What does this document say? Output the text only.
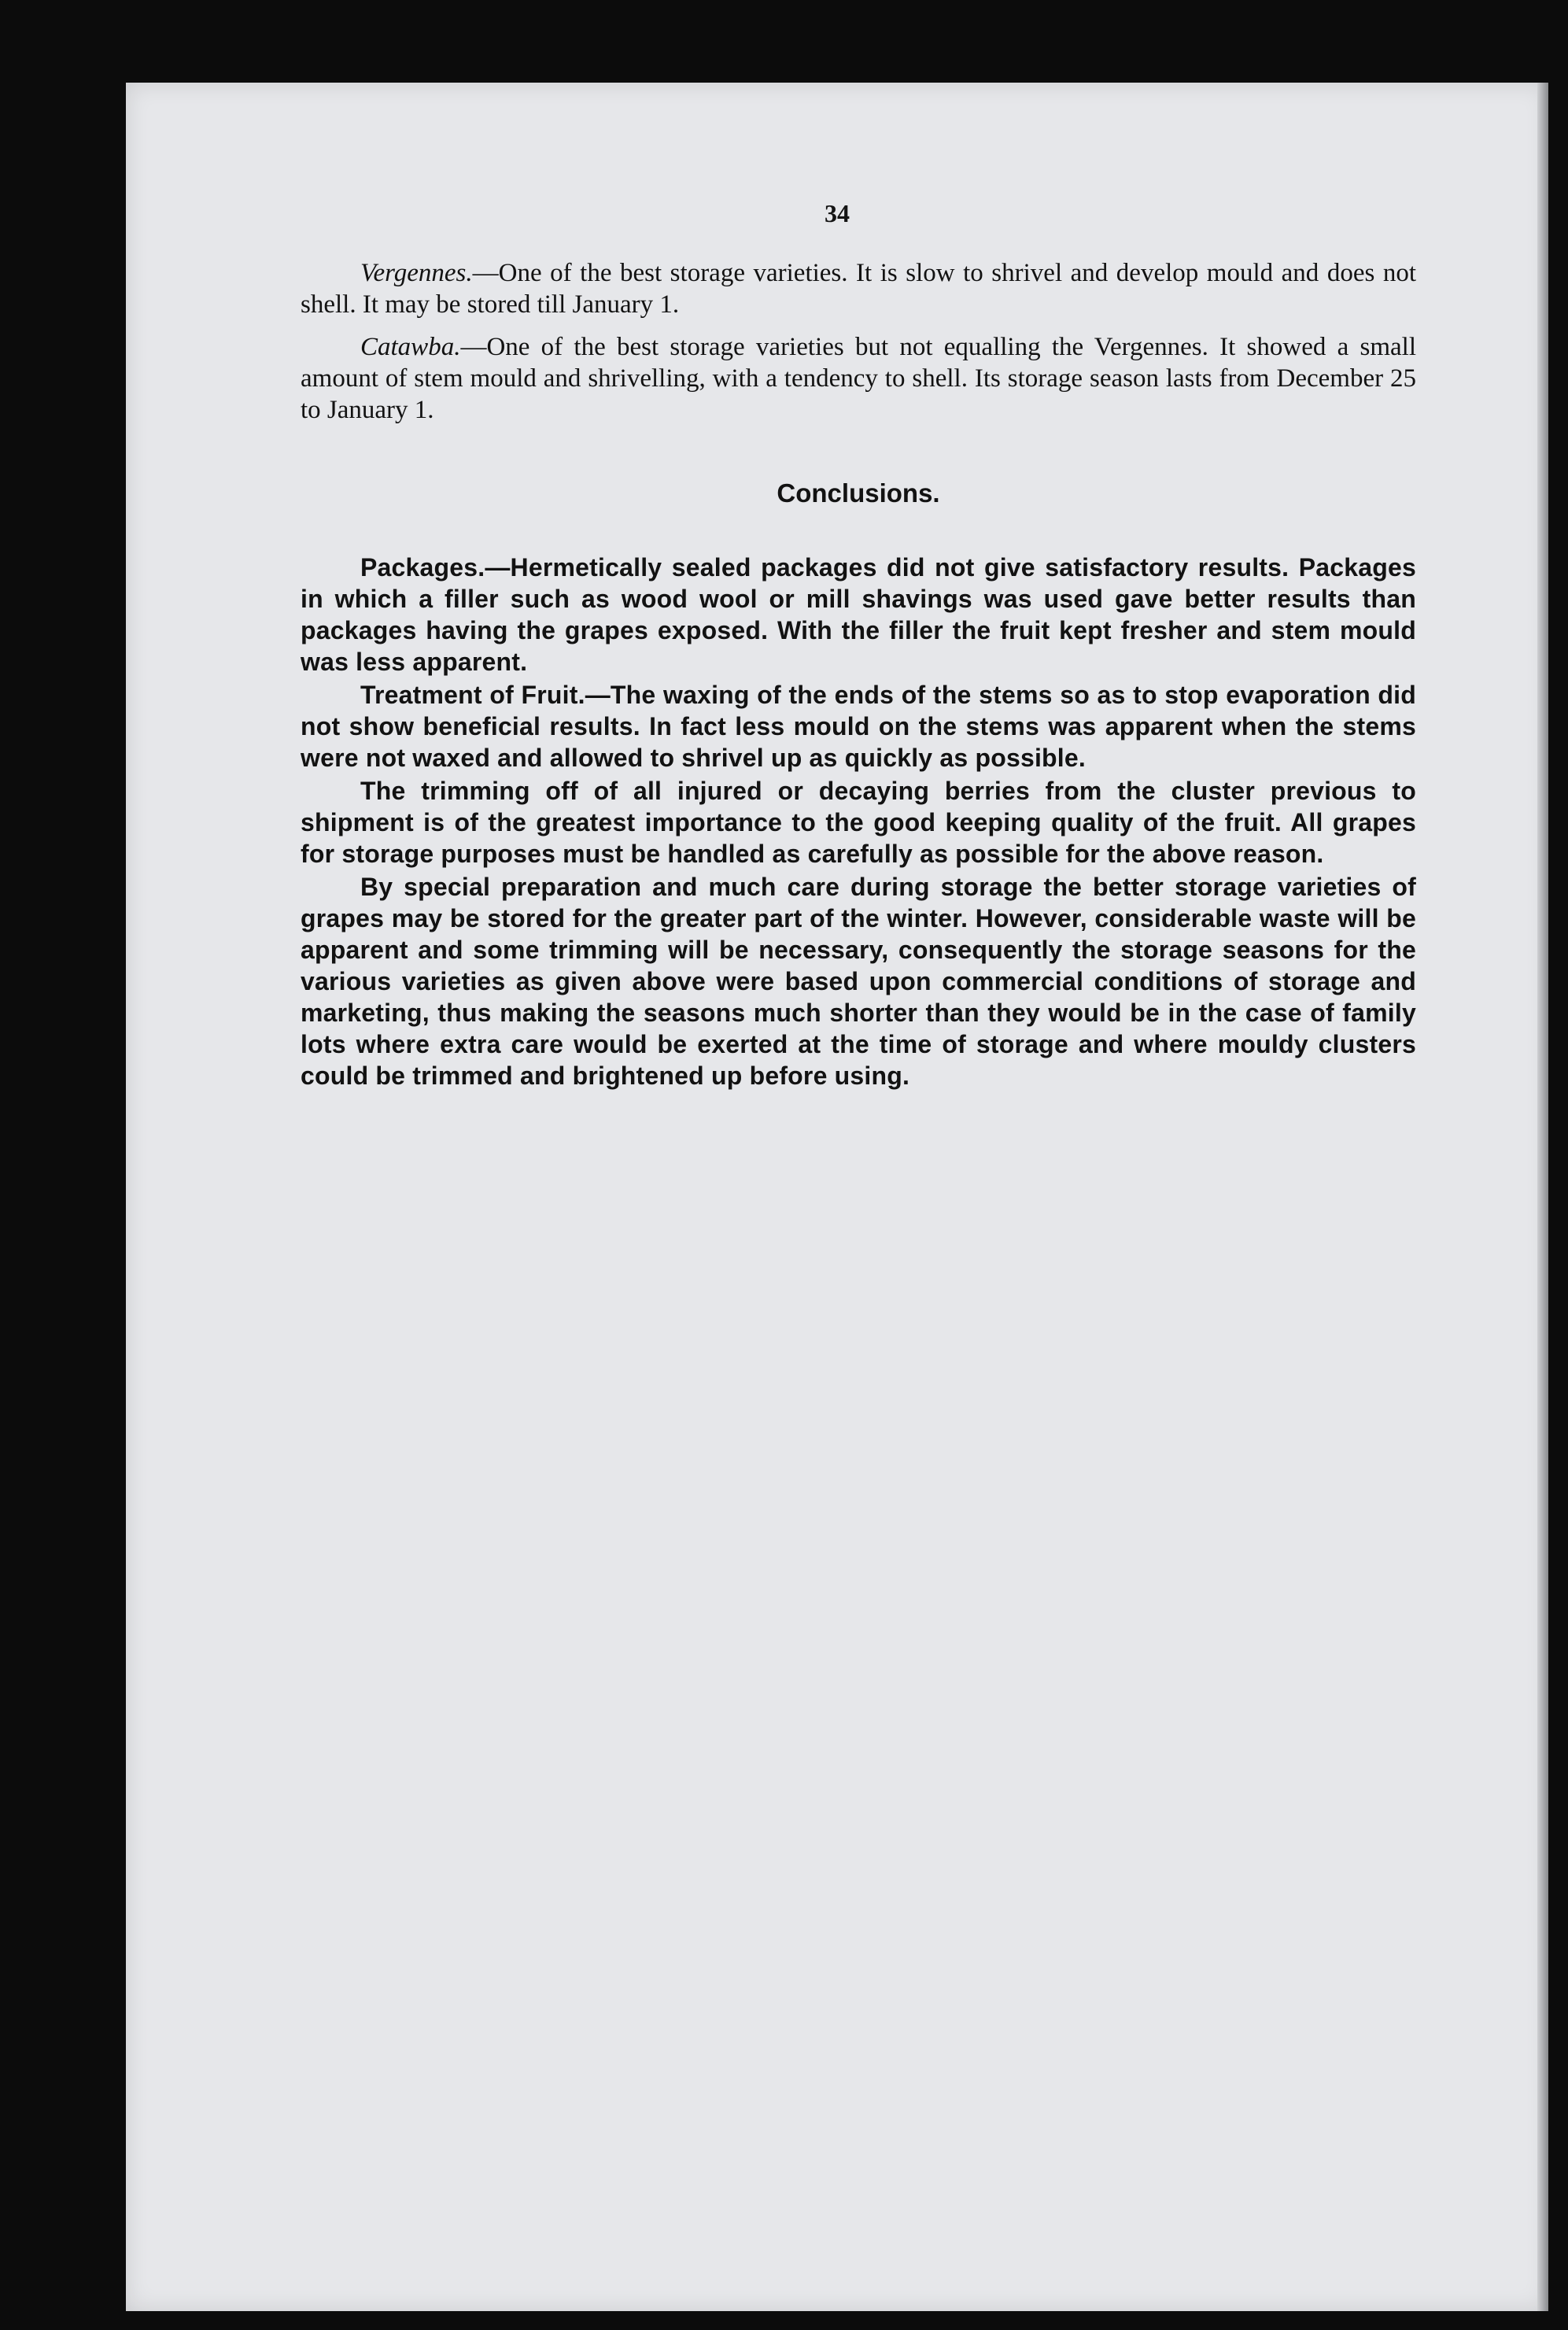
34

Vergennes.—One of the best storage varieties. It is slow to shrivel and develop mould and does not shell. It may be stored till January 1.

Catawba.—One of the best storage varieties but not equalling the Vergennes. It showed a small amount of stem mould and shrivelling, with a tendency to shell. Its storage season lasts from December 25 to January 1.

Conclusions.

Packages.—Hermetically sealed packages did not give satisfactory results. Packages in which a filler such as wood wool or mill shavings was used gave better results than packages having the grapes exposed. With the filler the fruit kept fresher and stem mould was less apparent.

Treatment of Fruit.—The waxing of the ends of the stems so as to stop evaporation did not show beneficial results. In fact less mould on the stems was apparent when the stems were not waxed and allowed to shrivel up as quickly as possible.

The trimming off of all injured or decaying berries from the cluster previous to shipment is of the greatest importance to the good keeping quality of the fruit. All grapes for storage purposes must be handled as carefully as possible for the above reason.

By special preparation and much care during storage the better storage varieties of grapes may be stored for the greater part of the winter. However, considerable waste will be apparent and some trimming will be necessary, consequently the storage seasons for the various varieties as given above were based upon commercial conditions of storage and marketing, thus making the seasons much shorter than they would be in the case of family lots where extra care would be exerted at the time of storage and where mouldy clusters could be trimmed and brightened up before using.
